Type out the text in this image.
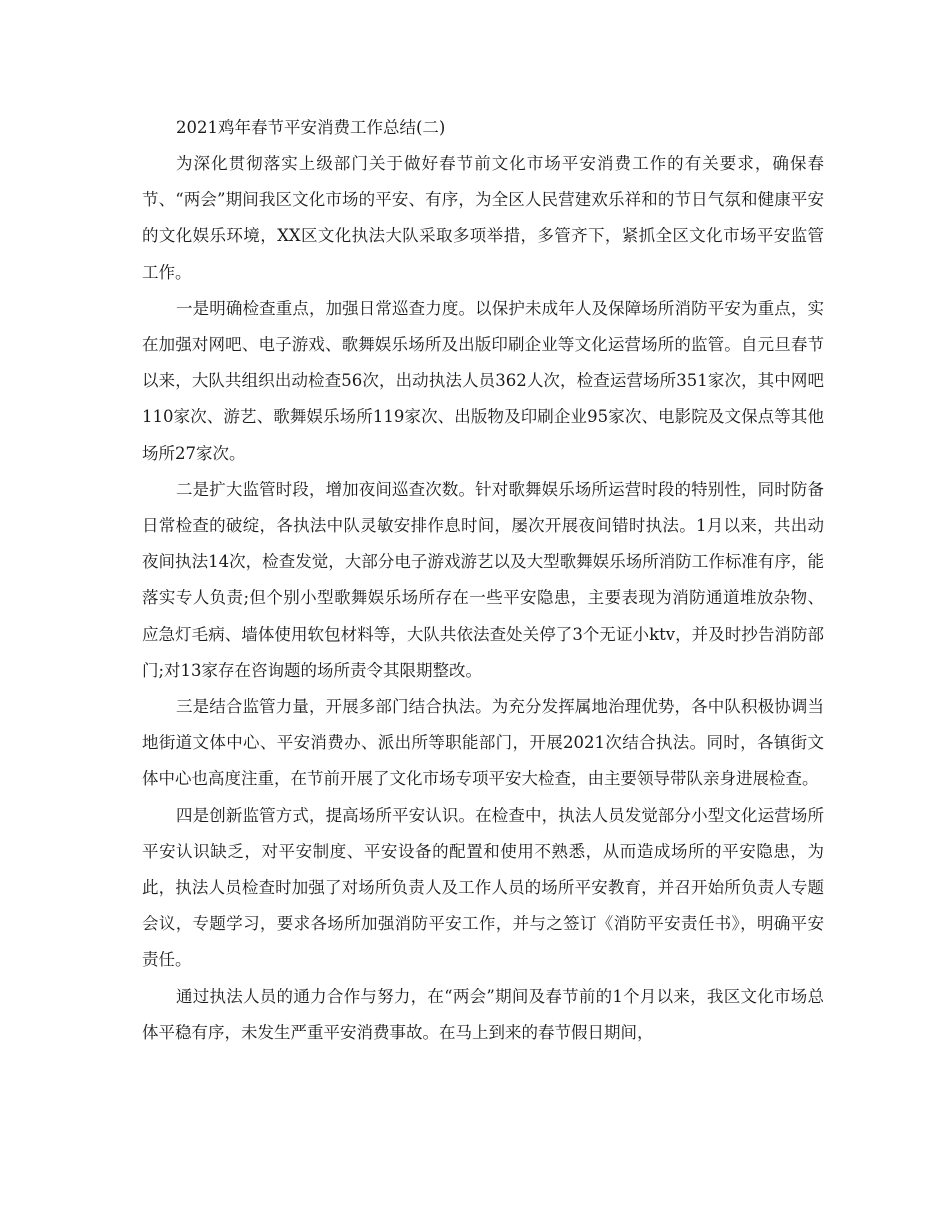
2021鸡年春节平安消费工作总结(二)

为深化贯彻落实上级部门关于做好春节前文化市场平安消费工作的有关要求，确保春节、“两会”期间我区文化市场的平安、有序，为全区人民营建欢乐祥和的节日气氛和健康平安的文化娱乐环境，XX区文化执法大队采取多项举措，多管齐下，紧抓全区文化市场平安监管工作。

一是明确检查重点，加强日常巡查力度。以保护未成年人及保障场所消防平安为重点，实在加强对网吧、电子游戏、歌舞娱乐场所及出版印刷企业等文化运营场所的监管。自元旦春节以来，大队共组织出动检查56次，出动执法人员362人次，检查运营场所351家次，其中网吧110家次、游艺、歌舞娱乐场所119家次、出版物及印刷企业95家次、电影院及文保点等其他场所27家次。

二是扩大监管时段，增加夜间巡查次数。针对歌舞娱乐场所运营时段的特别性，同时防备日常检查的破绽，各执法中队灵敏安排作息时间，屡次开展夜间错时执法。1月以来，共出动夜间执法14次，检查发觉，大部分电子游戏游艺以及大型歌舞娱乐场所消防工作标准有序，能落实专人负责;但个别小型歌舞娱乐场所存在一些平安隐患，主要表现为消防通道堆放杂物、应急灯毛病、墙体使用软包材料等，大队共依法查处关停了3个无证小ktv，并及时抄告消防部门;对13家存在咨询题的场所责令其限期整改。

三是结合监管力量，开展多部门结合执法。为充分发挥属地治理优势，各中队积极协调当地街道文体中心、平安消费办、派出所等职能部门，开展2021次结合执法。同时，各镇街文体中心也高度注重，在节前开展了文化市场专项平安大检查，由主要领导带队亲身进展检查。

四是创新监管方式，提高场所平安认识。在检查中，执法人员发觉部分小型文化运营场所平安认识缺乏，对平安制度、平安设备的配置和使用不熟悉，从而造成场所的平安隐患，为此，执法人员检查时加强了对场所负责人及工作人员的场所平安教育，并召开始所负责人专题会议，专题学习，要求各场所加强消防平安工作，并与之签订《消防平安责任书》，明确平安责任。

通过执法人员的通力合作与努力，在“两会”期间及春节前的1个月以来，我区文化市场总体平稳有序，未发生严重平安消费事故。在马上到来的春节假日期间，
